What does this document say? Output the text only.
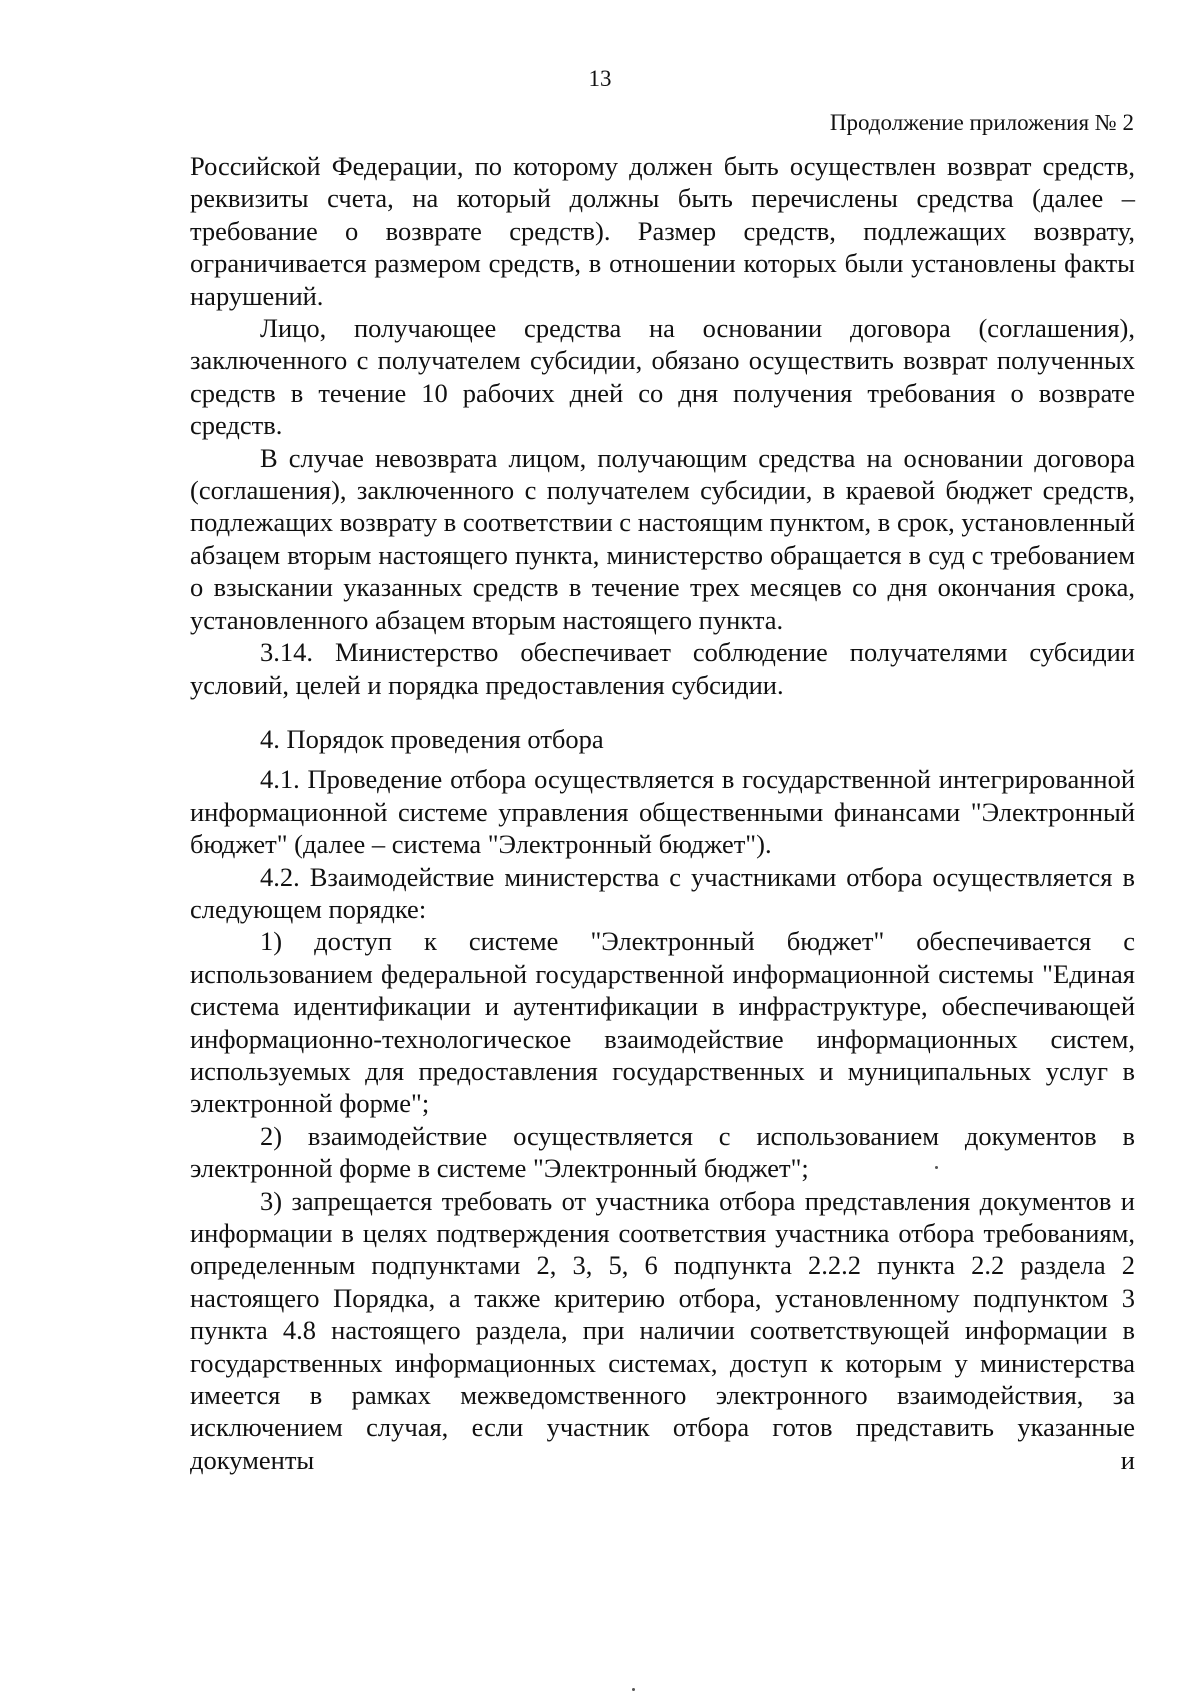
13
Продолжение приложения № 2

Российской Федерации, по которому должен быть осуществлен возврат средств, реквизиты счета, на который должны быть перечислены средства (далее – требование о возврате средств). Размер средств, подлежащих возврату, ограничивается размером средств, в отношении которых были установлены факты нарушений.

Лицо, получающее средства на основании договора (соглашения), заключенного с получателем субсидии, обязано осуществить возврат полученных средств в течение 10 рабочих дней со дня получения требования о возврате средств.

В случае невозврата лицом, получающим средства на основании договора (соглашения), заключенного с получателем субсидии, в краевой бюджет средств, подлежащих возврату в соответствии с настоящим пунктом, в срок, установленный абзацем вторым настоящего пункта, министерство обращается в суд с требованием о взыскании указанных средств в течение трех месяцев со дня окончания срока, установленного абзацем вторым настоящего пункта.

3.14. Министерство обеспечивает соблюдение получателями субсидии условий, целей и порядка предоставления субсидии.

4. Порядок проведения отбора

4.1. Проведение отбора осуществляется в государственной интегрированной информационной системе управления общественными финансами "Электронный бюджет" (далее – система "Электронный бюджет").

4.2. Взаимодействие министерства с участниками отбора осуществляется в следующем порядке:

1) доступ к системе "Электронный бюджет" обеспечивается с использованием федеральной государственной информационной системы "Единая система идентификации и аутентификации в инфраструктуре, обеспечивающей информационно-технологическое взаимодействие информационных систем, используемых для предоставления государственных и муниципальных услуг в электронной форме";

2) взаимодействие осуществляется с использованием документов в электронной форме в системе "Электронный бюджет";

3) запрещается требовать от участника отбора представления документов и информации в целях подтверждения соответствия участника отбора требованиям, определенным подпунктами 2, 3, 5, 6 подпункта 2.2.2 пункта 2.2 раздела 2 настоящего Порядка, а также критерию отбора, установленному подпунктом 3 пункта 4.8 настоящего раздела, при наличии соответствующей информации в государственных информационных системах, доступ к которым у министерства имеется в рамках межведомственного электронного взаимодействия, за исключением случая, если участник отбора готов представить указанные документы и
